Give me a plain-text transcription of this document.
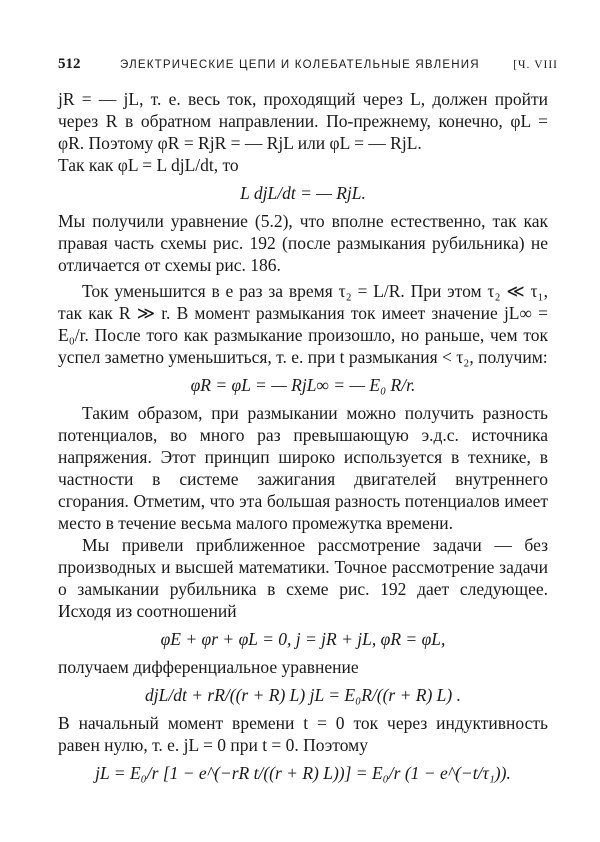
512	ЭЛЕКТРИЧЕСКИЕ ЦЕПИ И КОЛЕБАТЕЛЬНЫЕ ЯВЛЕНИЯ	[Ч. VIII

jR = — jL, т. е. весь ток, проходящий через L, должен пройти через R в обратном направлении. По-прежнему, конечно, φL = φR. Поэтому φR = RjR = — RjL или φL = — RjL.

Так как φL = L djL/dt, то

L djL/dt = — RjL.

Мы получили уравнение (5.2), что вполне естественно, так как правая часть схемы рис. 192 (после размыкания рубильника) не отличается от схемы рис. 186.

Ток уменьшится в e раз за время τ₂ = L/R. При этом τ₂ ≪ τ₁, так как R ≫ r. В момент размыкания ток имеет значение jL∞ = E₀/r. После того как размыкание произошло, но раньше, чем ток успел заметно уменьшиться, т. е. при t размыкания < τ₂, получим:

φR = φL = — RjL∞ = — E₀ R/r.

Таким образом, при размыкании можно получить разность потенциалов, во много раз превышающую э.д.с. источника напряжения. Этот принцип широко используется в технике, в частности в системе зажигания двигателей внутреннего сгорания. Отметим, что эта большая разность потенциалов имеет место в течение весьма малого промежутка времени.

Мы привели приближенное рассмотрение задачи — без производных и высшей математики. Точное рассмотрение задачи о замыкании рубильника в схеме рис. 192 дает следующее. Исходя из соотношений

φE + φr + φL = 0, j = jR + jL, φR = φL,

получаем дифференциальное уравнение

djL/dt + rR/((r + R) L) jL = E₀R/((r + R) L) .

В начальный момент времени t = 0 ток через индуктивность равен нулю, т. е. jL = 0 при t = 0. Поэтому

jL = E₀/r [1 − e^(−rR t/((r + R) L))] = E₀/r (1 − e^(−t/τ₁)).
